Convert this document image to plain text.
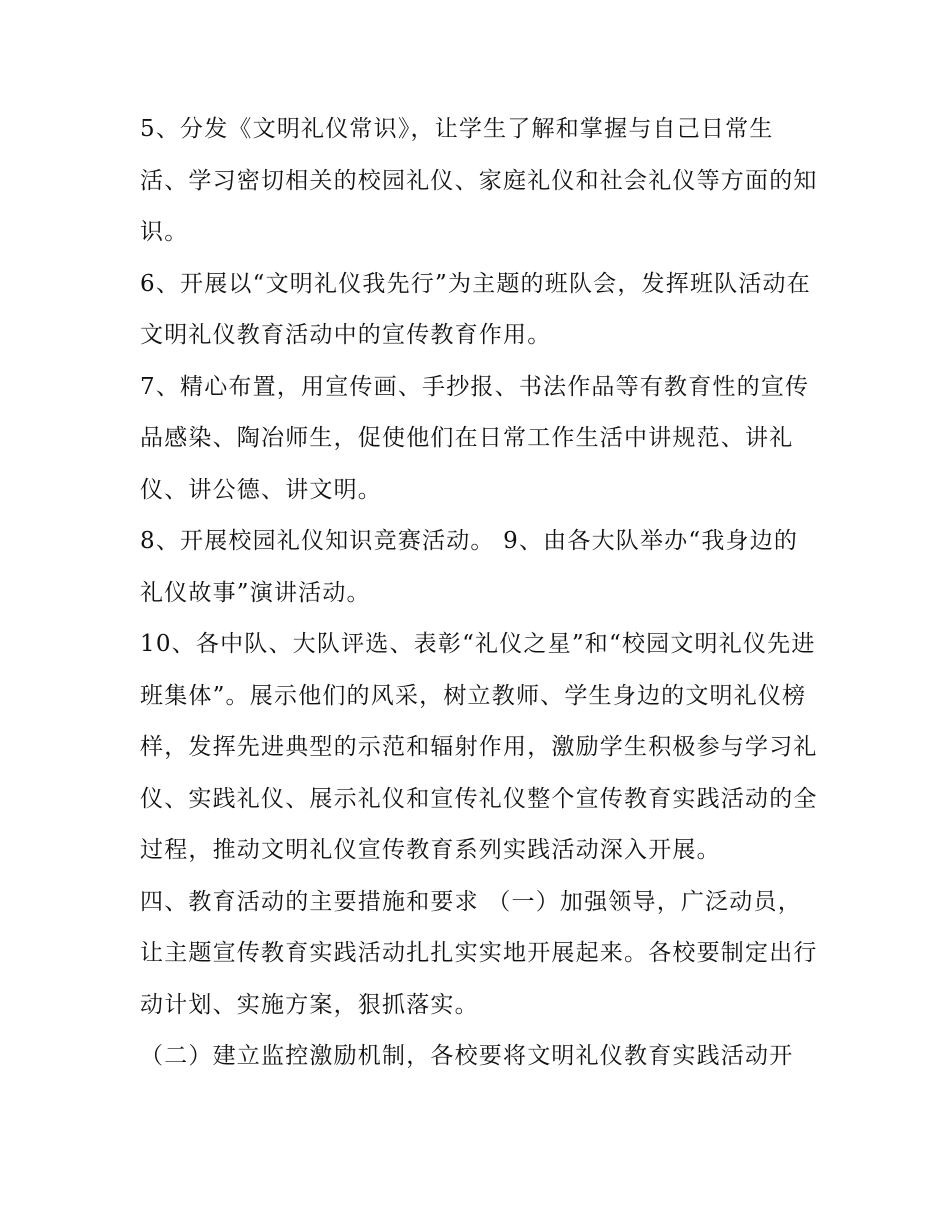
5、分发《文明礼仪常识》，让学生了解和掌握与自己日常生活、学习密切相关的校园礼仪、家庭礼仪和社会礼仪等方面的知识。

6、开展以“文明礼仪我先行”为主题的班队会，发挥班队活动在文明礼仪教育活动中的宣传教育作用。

7、精心布置，用宣传画、手抄报、书法作品等有教育性的宣传品感染、陶冶师生，促使他们在日常工作生活中讲规范、讲礼仪、讲公德、讲文明。

8、开展校园礼仪知识竞赛活动。 9、由各大队举办“我身边的礼仪故事”演讲活动。

10、各中队、大队评选、表彰“礼仪之星”和“校园文明礼仪先进班集体”。展示他们的风采，树立教师、学生身边的文明礼仪榜样，发挥先进典型的示范和辐射作用，激励学生积极参与学习礼仪、实践礼仪、展示礼仪和宣传礼仪整个宣传教育实践活动的全过程，推动文明礼仪宣传教育系列实践活动深入开展。

四、教育活动的主要措施和要求 （一）加强领导，广泛动员，让主题宣传教育实践活动扎扎实实地开展起来。各校要制定出行动计划、实施方案，狠抓落实。

（二）建立监控激励机制，各校要将文明礼仪教育实践活动开
